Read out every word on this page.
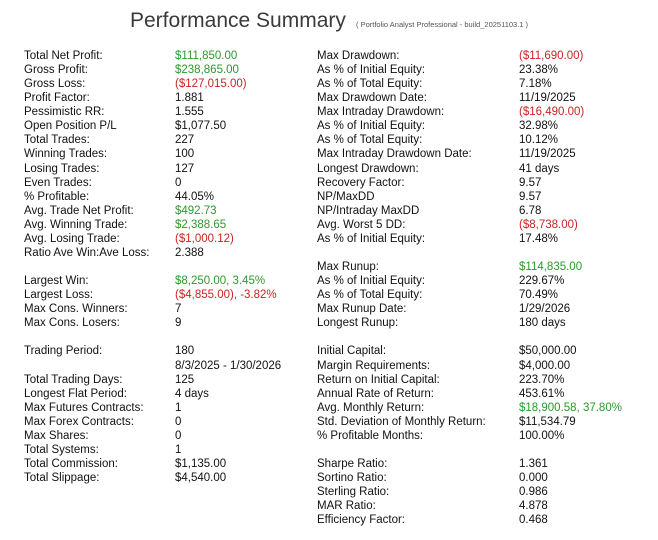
Performance Summary ( Portfolio Analyst Professional - build_20251103.1 )
Total Net Profit:	$111,850.00
Gross Profit:	$238,865.00
Gross Loss:	($127,015.00)
Profit Factor:	1.881
Pessimistic RR:	1.555
Open Position P/L	$1,077.50
Total Trades:	227
Winning Trades:	100
Losing Trades:	127
Even Trades:	0
% Profitable:	44.05%
Avg. Trade Net Profit:	$492.73
Avg. Winning Trade:	$2,388.65
Avg. Losing Trade:	($1,000.12)
Ratio Ave Win:Ave Loss: 2.388
Largest Win:	$8,250.00, 3.45%
Largest Loss:	($4,855.00), -3.82%
Max Cons. Winners:	7
Max Cons. Losers:	9
Trading Period:	180
8/3/2025 - 1/30/2026
Total Trading Days:	125
Longest Flat Period:	4 days
Max Futures Contracts:	1
Max Forex Contracts:	0
Max Shares:	0
Total Systems:	1
Total Commission:	$1,135.00
Total Slippage:	$4,540.00
Max Drawdown:	($11,690.00)
As % of Initial Equity:	23.38%
As % of Total Equity:	7.18%
Max Drawdown Date:	11/19/2025
Max Intraday Drawdown:	($16,490.00)
As % of Initial Equity:	32.98%
As % of Total Equity:	10.12%
Max Intraday Drawdown Date:	11/19/2025
Longest Drawdown:	41 days
Recovery Factor:	9.57
NP/MaxDD	9.57
NP/Intraday MaxDD	6.78
Avg. Worst 5 DD:	($8,738.00)
As % of Initial Equity:	17.48%
Max Runup:	$114,835.00
As % of Initial Equity:	229.67%
As % of Total Equity:	70.49%
Max Runup Date:	1/29/2026
Longest Runup:	180 days
Initial Capital:	$50,000.00
Margin Requirements:	$4,000.00
Return on Initial Capital:	223.70%
Annual Rate of Return:	453.61%
Avg. Monthly Return:	$18,900.58, 37.80%
Std. Deviation of Monthly Return:	$11,534.79
% Profitable Months:	100.00%
Sharpe Ratio:	1.361
Sortino Ratio:	0.000
Sterling Ratio:	0.986
MAR Ratio:	4.878
Efficiency Factor:	0.468
